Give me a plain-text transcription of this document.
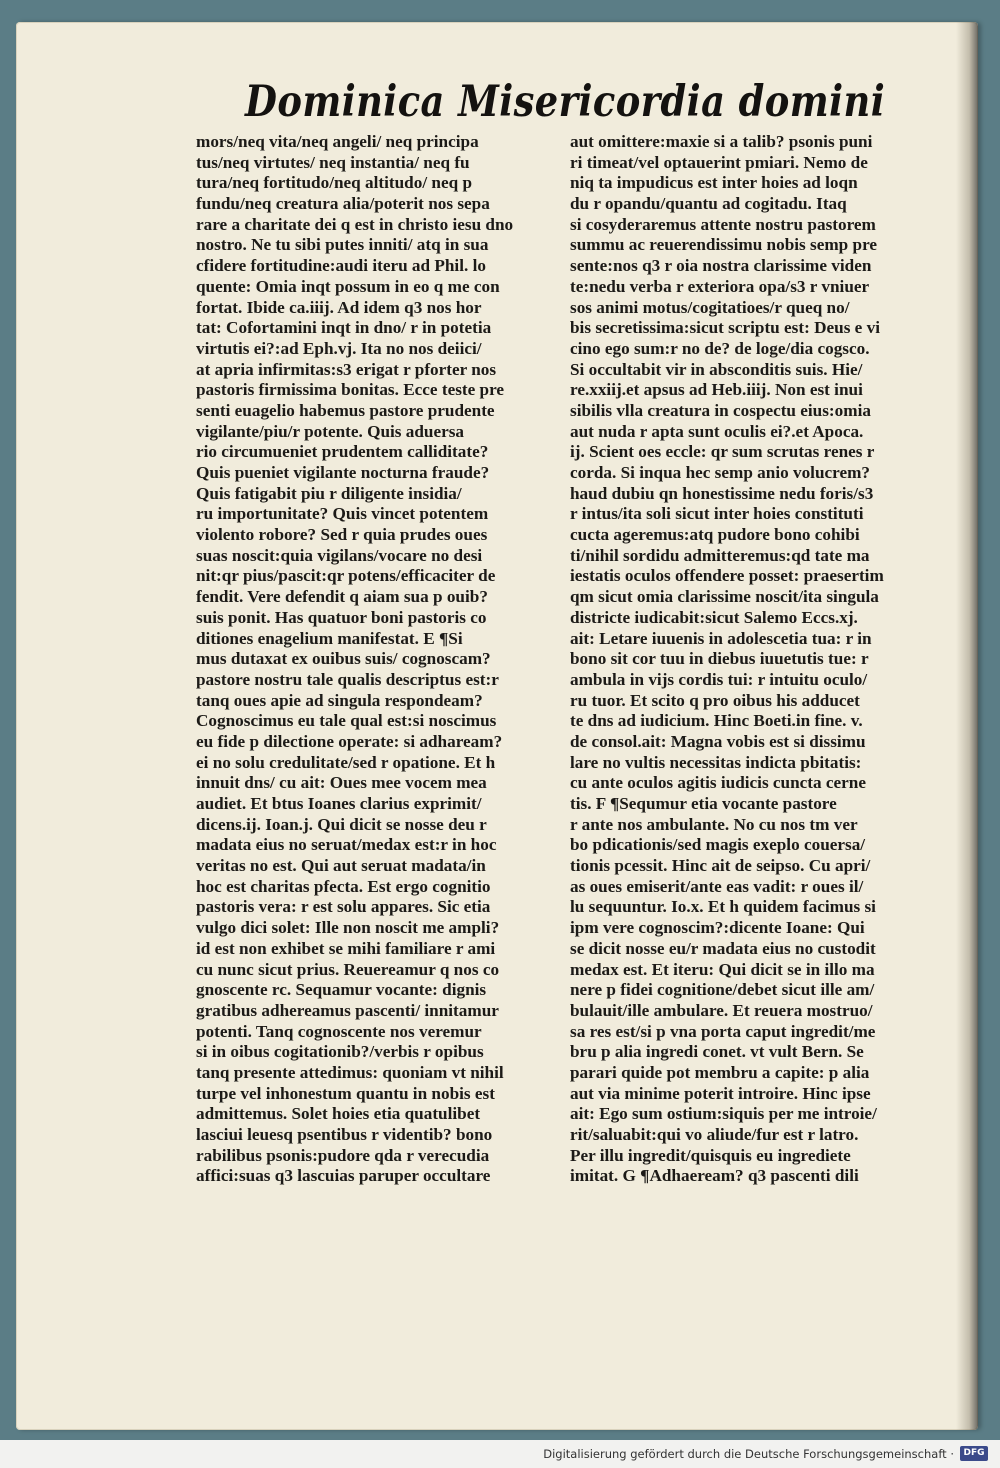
Dominica Misericordia domini
mors/neq vita/neq angeli/ neq principa
tus/neq virtutes/ neq instantia/ neq fu
tura/neq fortitudo/neq altitudo/ neq p
fundu/neq creatura alia/poterit nos sepa
rare a charitate dei q est in christo iesu dno
nostro. Ne tu sibi putes inniti/ atq in sua
cfidere fortitudine:audi iteru ad Phil. lo
quente: Omia inqt possum in eo q me con
fortat. Ibide ca.iiij. Ad idem q3 nos hor
tat: Cofortamini inqt in dno/ r in potetia
virtutis ei?:ad Eph.vj. Ita no nos deiici/
at apria infirmitas:s3 erigat r pforter nos
pastoris firmissima bonitas. Ecce teste pre
senti euagelio habemus pastore prudente
vigilante/piu/r potente. Quis aduersa
rio circumueniet prudentem calliditate?
Quis pueniet vigilante nocturna fraude?
Quis fatigabit piu r diligente insidia/
ru importunitate? Quis vincet potentem
violento robore? Sed r quia prudes oues
suas noscit:quia vigilans/vocare no desi
nit:qr pius/pascit:qr potens/efficaciter de
fendit. Vere defendit q aiam sua p ouib?
suis ponit. Has quatuor boni pastoris co
ditiones enagelium manifestat. E ¶Si
mus dutaxat ex ouibus suis/ cognoscam?
pastore nostru tale qualis descriptus est:r
tanq oues apie ad singula respondeam?
Cognoscimus eu tale qual est:si noscimus
eu fide p dilectione operate: si adhaream?
ei no solu credulitate/sed r opatione. Et h
innuit dns/ cu ait: Oues mee vocem mea
audiet. Et btus Ioanes clarius exprimit/
dicens.ij. Ioan.j. Qui dicit se nosse deu r
madata eius no seruat/medax est:r in hoc
veritas no est. Qui aut seruat madata/in
hoc est charitas pfecta. Est ergo cognitio
pastoris vera: r est solu appares. Sic etia
vulgo dici solet: Ille non noscit me ampli?
id est non exhibet se mihi familiare r ami
cu nunc sicut prius. Reuereamur q nos co
gnoscente rc. Sequamur vocante: dignis
gratibus adhereamus pascenti/ innitamur
potenti. Tanq cognoscente nos veremur
si in oibus cogitationib?/verbis r opibus
tanq presente attedimus: quoniam vt nihil
turpe vel inhonestum quantu in nobis est
admittemus. Solet hoies etia quatulibet
lasciui leuesq psentibus r videntib? bono
rabilibus psonis:pudore qda r verecudia
affici:suas q3 lascuias paruper occultare
aut omittere:maxie si a talib? psonis puni
ri timeat/vel optauerint pmiari. Nemo de
niq ta impudicus est inter hoies ad loqn
du r opandu/quantu ad cogitadu. Itaq
si cosyderaremus attente nostru pastorem
summu ac reuerendissimu nobis semp pre
sente:nos q3 r oia nostra clarissime viden
te:nedu verba r exteriora opa/s3 r vniuer
sos animi motus/cogitatioes/r queq no/
bis secretissima:sicut scriptu est: Deus e vi
cino ego sum:r no de? de loge/dia cogsco.
Si occultabit vir in absconditis suis. Hie/
re.xxiij.et apsus ad Heb.iiij. Non est inui
sibilis vlla creatura in cospectu eius:omia
aut nuda r apta sunt oculis ei?.et Apoca.
ij. Scient oes eccle: qr sum scrutas renes r
corda. Si inqua hec semp anio volucrem?
haud dubiu qn honestissime nedu foris/s3
r intus/ita soli sicut inter hoies constituti
cucta ageremus:atq pudore bono cohibi
ti/nihil sordidu admitteremus:qd tate ma
iestatis oculos offendere posset: praesertim
qm sicut omia clarissime noscit/ita singula
districte iudicabit:sicut Salemo Eccs.xj.
ait: Letare iuuenis in adolescetia tua: r in
bono sit cor tuu in diebus iuuetutis tue: r
ambula in vijs cordis tui: r intuitu oculo/
ru tuor. Et scito q pro oibus his adducet
te dns ad iudicium. Hinc Boeti.in fine. v.
de consol.ait: Magna vobis est si dissimu
lare no vultis necessitas indicta pbitatis:
cu ante oculos agitis iudicis cuncta cerne
tis. F ¶Sequmur etia vocante pastore
r ante nos ambulante. No cu nos tm ver
bo pdicationis/sed magis exeplo couersa/
tionis pcessit. Hinc ait de seipso. Cu apri/
as oues emiserit/ante eas vadit: r oues il/
lu sequuntur. Io.x. Et h quidem facimus si
ipm vere cognoscim?:dicente Ioane: Qui
se dicit nosse eu/r madata eius no custodit
medax est. Et iteru: Qui dicit se in illo ma
nere p fidei cognitione/debet sicut ille am/
bulauit/ille ambulare. Et reuera mostruo/
sa res est/si p vna porta caput ingredit/me
bru p alia ingredi conet. vt vult Bern. Se
parari quide pot membru a capite: p alia
aut via minime poterit introire. Hinc ipse
ait: Ego sum ostium:siquis per me introie/
rit/saluabit:qui vo aliude/fur est r latro.
Per illu ingredit/quisquis eu ingrediete
imitat. G ¶Adhaeream? q3 pascenti dili
Digitalisierung gefördert durch die Deutsche Forschungsgemeinschaft ·	DFG
